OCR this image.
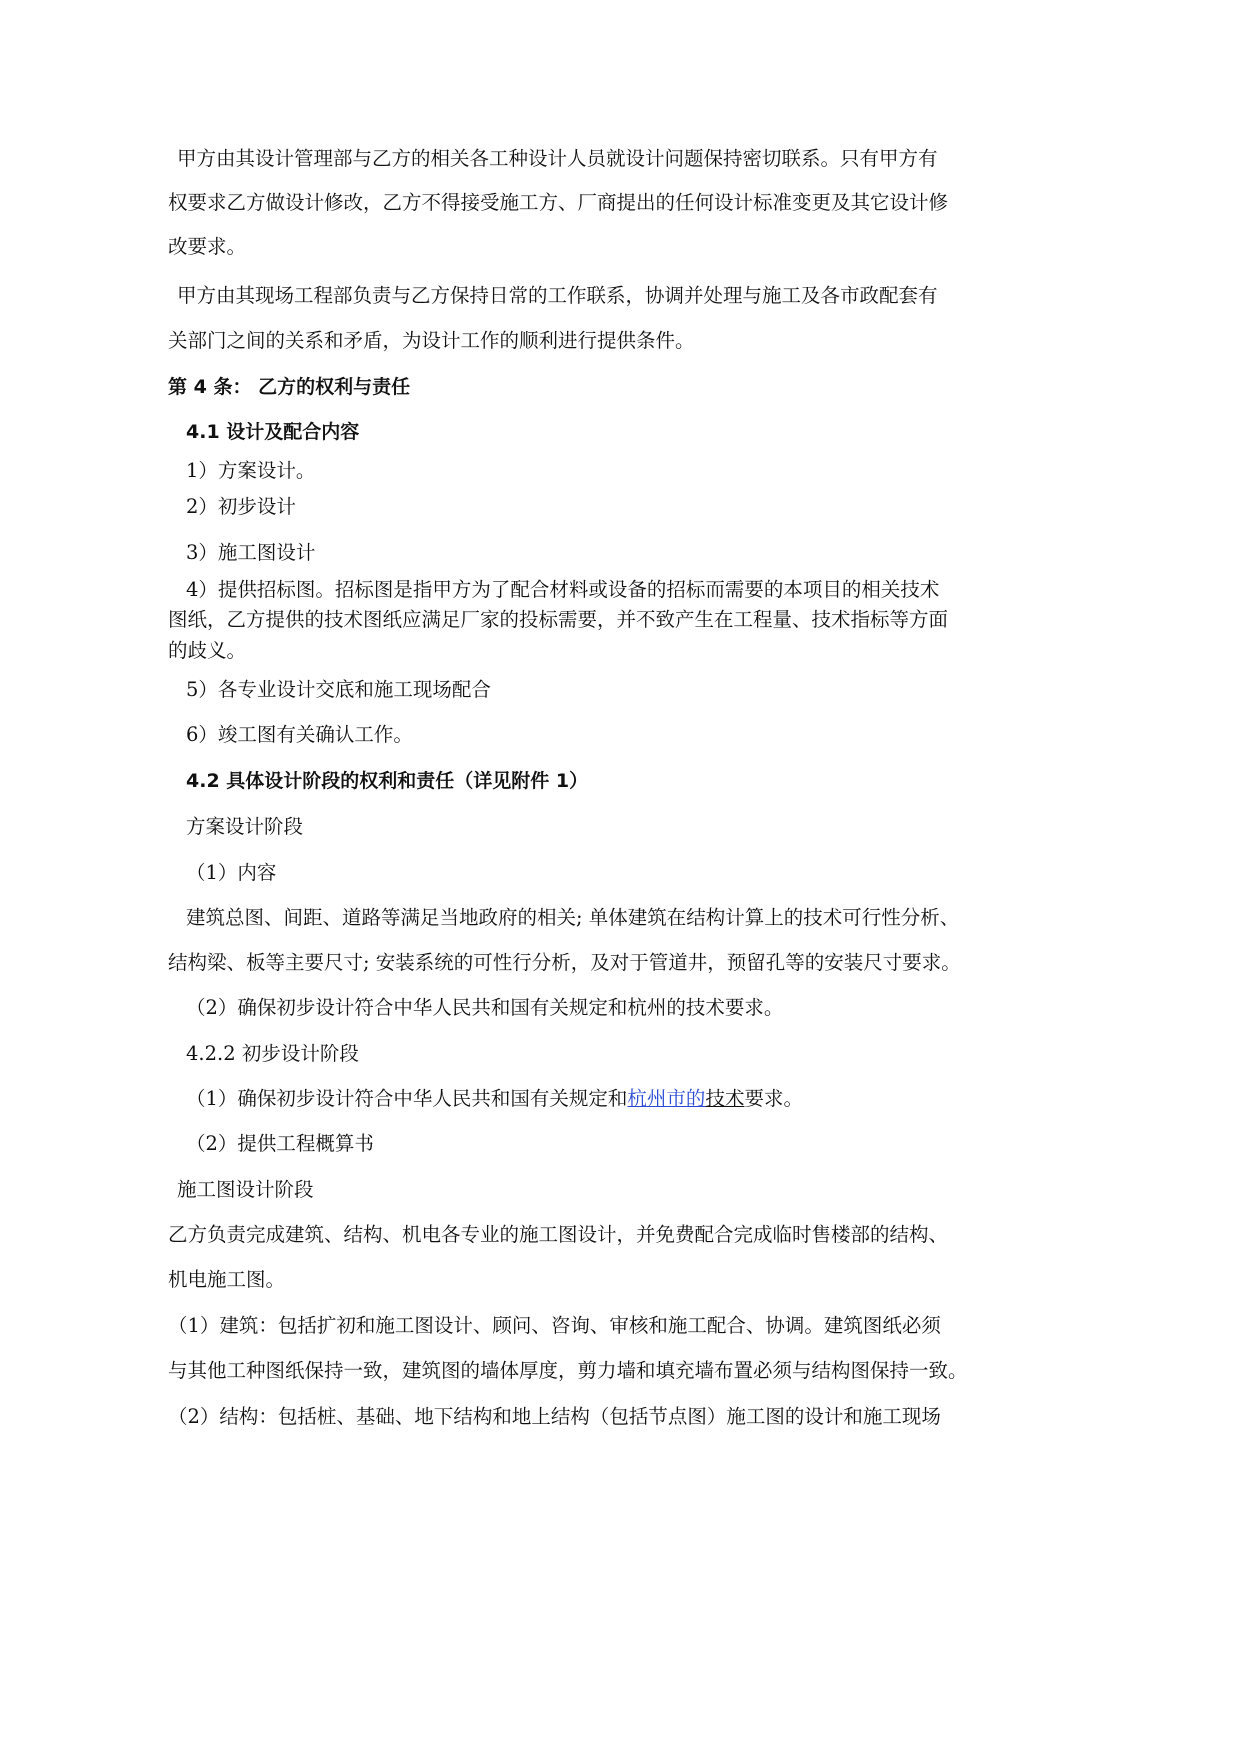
甲方由其设计管理部与乙方的相关各工种设计人员就设计问题保持密切联系。只有甲方有
权要求乙方做设计修改，乙方不得接受施工方、厂商提出的任何设计标准变更及其它设计修
改要求。
甲方由其现场工程部负责与乙方保持日常的工作联系，协调并处理与施工及各市政配套有
关部门之间的关系和矛盾，为设计工作的顺利进行提供条件。
第 4 条： 乙方的权利与责任
4.1 设计及配合内容
1）方案设计。
2）初步设计
3）施工图设计
4）提供招标图。招标图是指甲方为了配合材料或设备的招标而需要的本项目的相关技术
图纸，乙方提供的技术图纸应满足厂家的投标需要，并不致产生在工程量、技术指标等方面
的歧义。
5）各专业设计交底和施工现场配合
6）竣工图有关确认工作。
4.2 具体设计阶段的权利和责任（详见附件 1）
方案设计阶段
（1）内容
建筑总图、间距、道路等满足当地政府的相关; 单体建筑在结构计算上的技术可行性分析、
结构梁、板等主要尺寸; 安装系统的可性行分析，及对于管道井，预留孔等的安装尺寸要求。
（2）确保初步设计符合中华人民共和国有关规定和杭州的技术要求。
4.2.2 初步设计阶段
（1）确保初步设计符合中华人民共和国有关规定和杭州市的技术要求。
（2）提供工程概算书
施工图设计阶段
乙方负责完成建筑、结构、机电各专业的施工图设计，并免费配合完成临时售楼部的结构、
机电施工图。
（1）建筑：包括扩初和施工图设计、顾问、咨询、审核和施工配合、协调。建筑图纸必须
与其他工种图纸保持一致，建筑图的墙体厚度，剪力墙和填充墙布置必须与结构图保持一致。
（2）结构：包括桩、基础、地下结构和地上结构（包括节点图）施工图的设计和施工现场
